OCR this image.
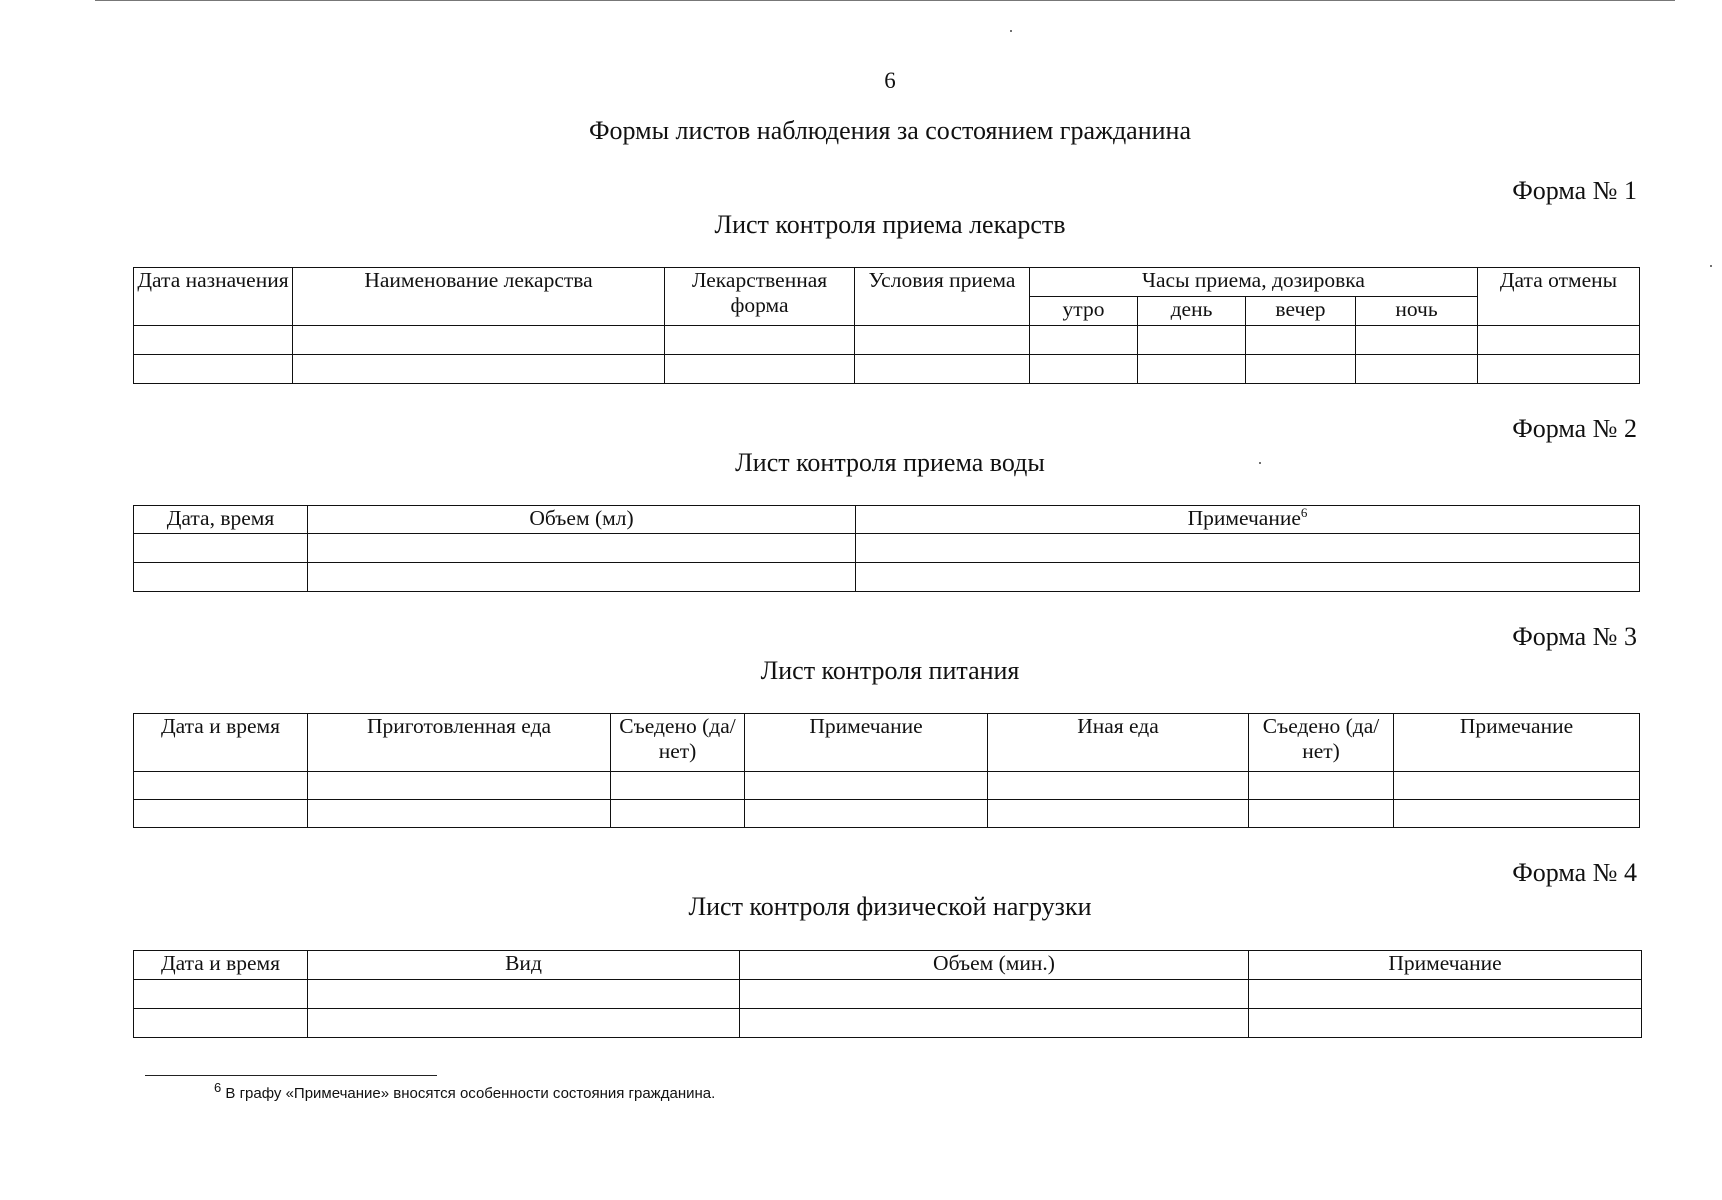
6
Формы листов наблюдения за состоянием гражданина
Форма № 1
Лист контроля приема лекарств
Дата назначения	Наименование лекарства	Лекарственная форма	Условия приема	Часы приема, дозировка				Дата отмены
				утро	день	вечер	ночь	

Форма № 2
Лист контроля приема воды
Дата, время	Объем (мл)	Примечание$^6$

Форма № 3
Лист контроля питания
Дата и время	Приготовленная еда	Съедено (да/нет)	Примечание	Иная еда	Съедено (да/нет)	Примечание

Форма № 4
Лист контроля физической нагрузки
Дата и время	Вид	Объем (мин.)	Примечание

$^6$ В графу «Примечание» вносятся особенности состояния гражданина.
